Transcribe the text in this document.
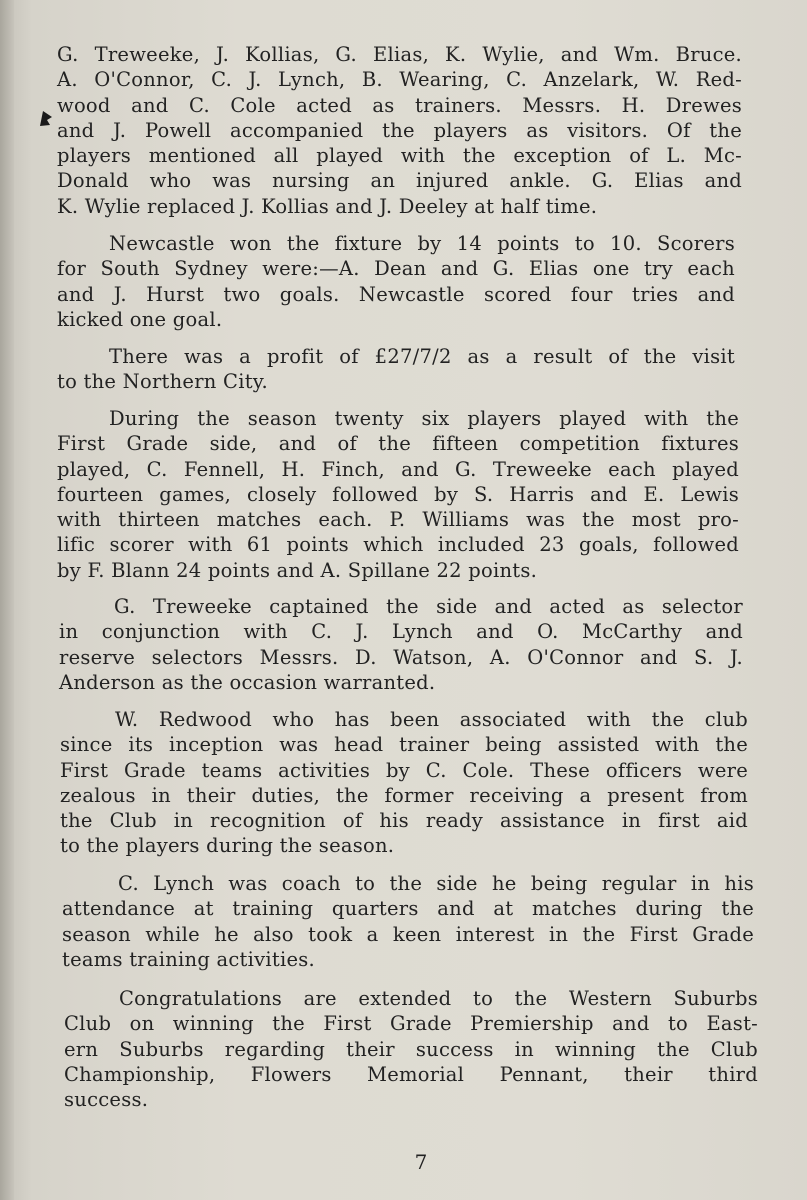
G. Treweeke, J. Kollias, G. Elias, K. Wylie, and Wm. Bruce.
A. O'Connor, C. J. Lynch, B. Wearing, C. Anzelark, W. Red-
wood and C. Cole acted as trainers. Messrs. H. Drewes
and J. Powell accompanied the players as visitors. Of the
players mentioned all played with the exception of L. Mc-
Donald who was nursing an injured ankle. G. Elias and
K. Wylie replaced J. Kollias and J. Deeley at half time.
Newcastle won the fixture by 14 points to 10. Scorers
for South Sydney were:—A. Dean and G. Elias one try each
and J. Hurst two goals. Newcastle scored four tries and
kicked one goal.
There was a profit of £27/7/2 as a result of the visit
to the Northern City.
During the season twenty six players played with the
First Grade side, and of the fifteen competition fixtures
played, C. Fennell, H. Finch, and G. Treweeke each played
fourteen games, closely followed by S. Harris and E. Lewis
with thirteen matches each. P. Williams was the most pro-
lific scorer with 61 points which included 23 goals, followed
by F. Blann 24 points and A. Spillane 22 points.
G. Treweeke captained the side and acted as selector
in conjunction with C. J. Lynch and O. McCarthy and
reserve selectors Messrs. D. Watson, A. O'Connor and S. J.
Anderson as the occasion warranted.
W. Redwood who has been associated with the club
since its inception was head trainer being assisted with the
First Grade teams activities by C. Cole. These officers were
zealous in their duties, the former receiving a present from
the Club in recognition of his ready assistance in first aid
to the players during the season.
C. Lynch was coach to the side he being regular in his
attendance at training quarters and at matches during the
season while he also took a keen interest in the First Grade
teams training activities.
Congratulations are extended to the Western Suburbs
Club on winning the First Grade Premiership and to East-
ern Suburbs regarding their success in winning the Club
Championship, Flowers Memorial Pennant, their third
success.
7
